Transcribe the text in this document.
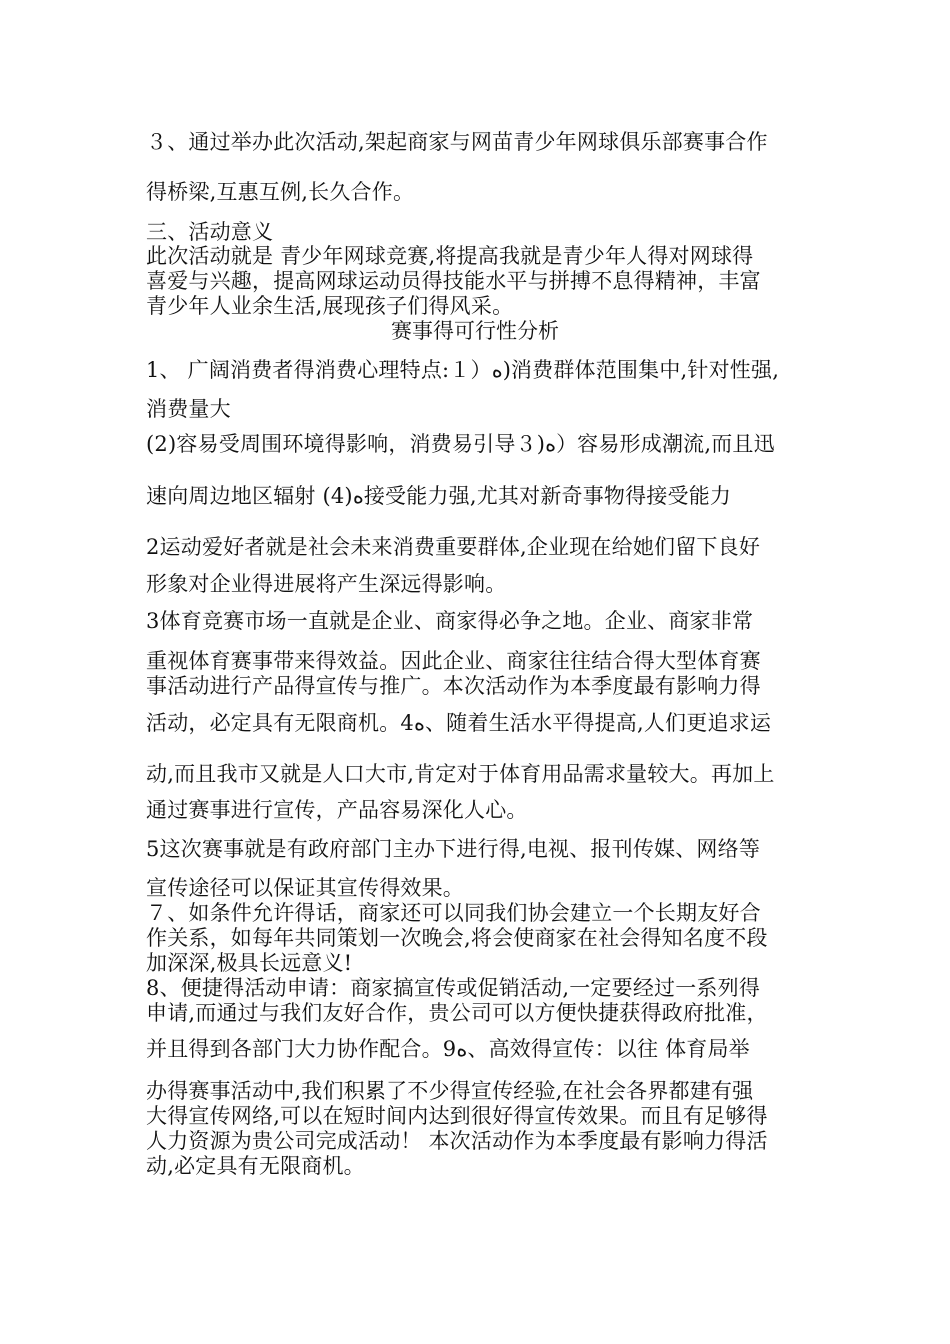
３、通过举办此次活动,架起商家与网苗青少年网球俱乐部赛事合作
得桥梁,互惠互例,长久合作。
三、活动意义
此次活动就是 青少年网球竞赛,将提高我就是青少年人得对网球得
喜爱与兴趣，提高网球运动员得技能水平与拼搏不息得精神，丰富
青少年人业余生活,展现孩子们得风采。
赛事得可行性分析
1、 广阔消费者得消费心理特点:１）ﻩ)消费群体范围集中,针对性强,
消费量大
(2)容易受周围环境得影响，消费易引导３)ﻩ）容易形成潮流,而且迅
速向周边地区辐射 (4)ﻩ接受能力强,尤其对新奇事物得接受能力
2运动爱好者就是社会未来消费重要群体,企业现在给她们留下良好
形象对企业得进展将产生深远得影响。
3体育竞赛市场一直就是企业、商家得必争之地。企业、商家非常
重视体育赛事带来得效益。因此企业、商家往往结合得大型体育赛
事活动进行产品得宣传与推广。本次活动作为本季度最有影响力得
活动，必定具有无限商机。4ﻩ、随着生活水平得提高,人们更追求运
动,而且我市又就是人口大市,肯定对于体育用品需求量较大。再加上
通过赛事进行宣传，产品容易深化人心。
5这次赛事就是有政府部门主办下进行得,电视、报刊传媒、网络等
宣传途径可以保证其宣传得效果。
７、如条件允许得话，商家还可以同我们协会建立一个长期友好合
作关系，如每年共同策划一次晚会,将会使商家在社会得知名度不段
加深深,极具长远意义!
8、便捷得活动申请：商家搞宣传或促销活动,一定要经过一系列得
申请,而通过与我们友好合作，贵公司可以方便快捷获得政府批准，
并且得到各部门大力协作配合。9ﻩ、高效得宣传：以往 体育局举
办得赛事活动中,我们积累了不少得宣传经验,在社会各界都建有强
大得宣传网络,可以在短时间内达到很好得宣传效果。而且有足够得
人力资源为贵公司完成活动！ 本次活动作为本季度最有影响力得活
动,必定具有无限商机。
